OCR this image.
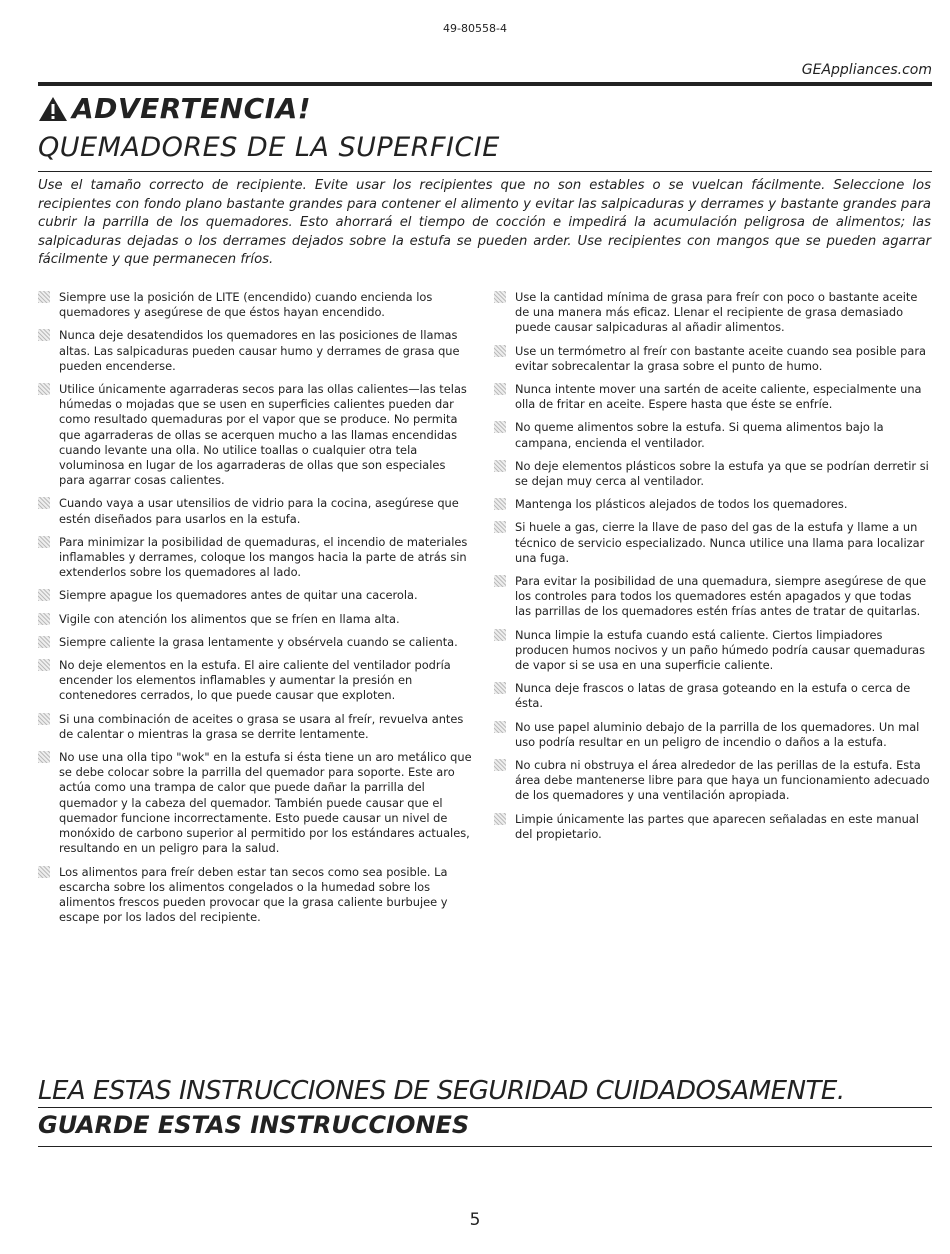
49-80558-4
GEAppliances.com
ADVERTENCIA!
QUEMADORES DE LA SUPERFICIE
Use el tamaño correcto de recipiente. Evite usar los recipientes que no son estables o se vuelcan fácilmente. Seleccione los recipientes con fondo plano bastante grandes para contener el alimento y evitar las salpicaduras y derrames y bastante grandes para cubrir la parrilla de los quemadores. Esto ahorrará el tiempo de cocción e impedirá la acumulación peligrosa de alimentos; las salpicaduras dejadas o los derrames dejados sobre la estufa se pueden arder. Use recipientes con mangos que se pueden agarrar fácilmente y que permanecen fríos.
Siempre use la posición de LITE (encendido) cuando encienda los quemadores y asegúrese de que éstos hayan encendido.
Nunca deje desatendidos los quemadores en las posiciones de llamas altas. Las salpicaduras pueden causar humo y derrames de grasa que pueden encenderse.
Utilice únicamente agarraderas secos para las ollas calientes—las telas húmedas o mojadas que se usen en superficies calientes pueden dar como resultado quemaduras por el vapor que se produce. No permita que agarraderas de ollas se acerquen mucho a las llamas encendidas cuando levante una olla. No utilice toallas o cualquier otra tela voluminosa en lugar de los agarraderas de ollas que son especiales para agarrar cosas calientes.
Cuando vaya a usar utensilios de vidrio para la cocina, asegúrese que estén diseñados para usarlos en la estufa.
Para minimizar la posibilidad de quemaduras, el incendio de materiales inflamables y derrames, coloque los mangos hacia la parte de atrás sin extenderlos sobre los quemadores al lado.
Siempre apague los quemadores antes de quitar una cacerola.
Vigile con atención los alimentos que se fríen en llama alta.
Siempre caliente la grasa lentamente y obsérvela cuando se calienta.
No deje elementos en la estufa. El aire caliente del ventilador podría encender los elementos inflamables y aumentar la presión en contenedores cerrados, lo que puede causar que exploten.
Si una combinación de aceites o grasa se usara al freír, revuelva antes de calentar o mientras la grasa se derrite lentamente.
No use una olla tipo "wok" en la estufa si ésta tiene un aro metálico que se debe colocar sobre la parrilla del quemador para soporte. Este aro actúa como una trampa de calor que puede dañar la parrilla del quemador y la cabeza del quemador. También puede causar que el quemador funcione incorrectamente. Esto puede causar un nivel de monóxido de carbono superior al permitido por los estándares actuales, resultando en un peligro para la salud.
Los alimentos para freír deben estar tan secos como sea posible. La escarcha sobre los alimentos congelados o la humedad sobre los alimentos frescos pueden provocar que la grasa caliente burbujee y escape por los lados del recipiente.
Use la cantidad mínima de grasa para freír con poco o bastante aceite de una manera más eficaz. Llenar el recipiente de grasa demasiado puede causar salpicaduras al añadir alimentos.
Use un termómetro al freír con bastante aceite cuando sea posible para evitar sobrecalentar la grasa sobre el punto de humo.
Nunca intente mover una sartén de aceite caliente, especialmente una olla de fritar en aceite. Espere hasta que éste se enfríe.
No queme alimentos sobre la estufa. Si quema alimentos bajo la campana, encienda el ventilador.
No deje elementos plásticos sobre la estufa ya que se podrían derretir si se dejan muy cerca al ventilador.
Mantenga los plásticos alejados de todos los quemadores.
Si huele a gas, cierre la llave de paso del gas de la estufa y llame a un técnico de servicio especializado. Nunca utilice una llama para localizar una fuga.
Para evitar la posibilidad de una quemadura, siempre asegúrese de que los controles para todos los quemadores estén apagados y que todas las parrillas de los quemadores estén frías antes de tratar de quitarlas.
Nunca limpie la estufa cuando está caliente. Ciertos limpiadores producen humos nocivos y un paño húmedo podría causar quemaduras de vapor si se usa en una superficie caliente.
Nunca deje frascos o latas de grasa goteando en la estufa o cerca de ésta.
No use papel aluminio debajo de la parrilla de los quemadores. Un mal uso podría resultar en un peligro de incendio o daños a la estufa.
No cubra ni obstruya el área alrededor de las perillas de la estufa. Esta área debe mantenerse libre para que haya un funcionamiento adecuado de los quemadores y una ventilación apropiada.
Limpie únicamente las partes que aparecen señaladas en este manual del propietario.
LEA ESTAS INSTRUCCIONES DE SEGURIDAD CUIDADOSAMENTE.
GUARDE ESTAS INSTRUCCIONES
5
